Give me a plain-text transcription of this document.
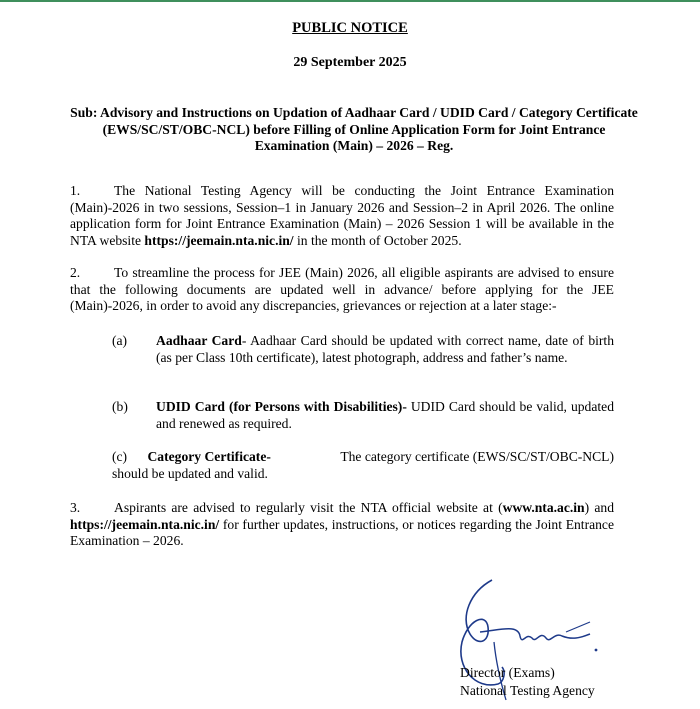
PUBLIC NOTICE
29 September 2025
Sub: Advisory and Instructions on Updation of Aadhaar Card / UDID Card / Category Certificate (EWS/SC/ST/OBC-NCL) before Filling of Online Application Form for Joint Entrance Examination (Main) – 2026 – Reg.
1. The National Testing Agency will be conducting the Joint Entrance Examination (Main)-2026 in two sessions, Session–1 in January 2026 and Session–2 in April 2026. The online application form for Joint Entrance Examination (Main) – 2026 Session 1 will be available in the NTA website https://jeemain.nta.nic.in/ in the month of October 2025.
2. To streamline the process for JEE (Main) 2026, all eligible aspirants are advised to ensure that the following documents are updated well in advance/ before applying for the JEE (Main)-2026, in order to avoid any discrepancies, grievances or rejection at a later stage:-
(a) Aadhaar Card- Aadhaar Card should be updated with correct name, date of birth (as per Class 10th certificate), latest photograph, address and father’s name.
(b) UDID Card (for Persons with Disabilities)- UDID Card should be valid, updated and renewed as required.
(c) Category Certificate-	The category certificate (EWS/SC/ST/OBC-NCL)
should be updated and valid.
3. Aspirants are advised to regularly visit the NTA official website at (www.nta.ac.in) and https://jeemain.nta.nic.in/ for further updates, instructions, or notices regarding the Joint Entrance Examination – 2026.
Director (Exams)
National Testing Agency
